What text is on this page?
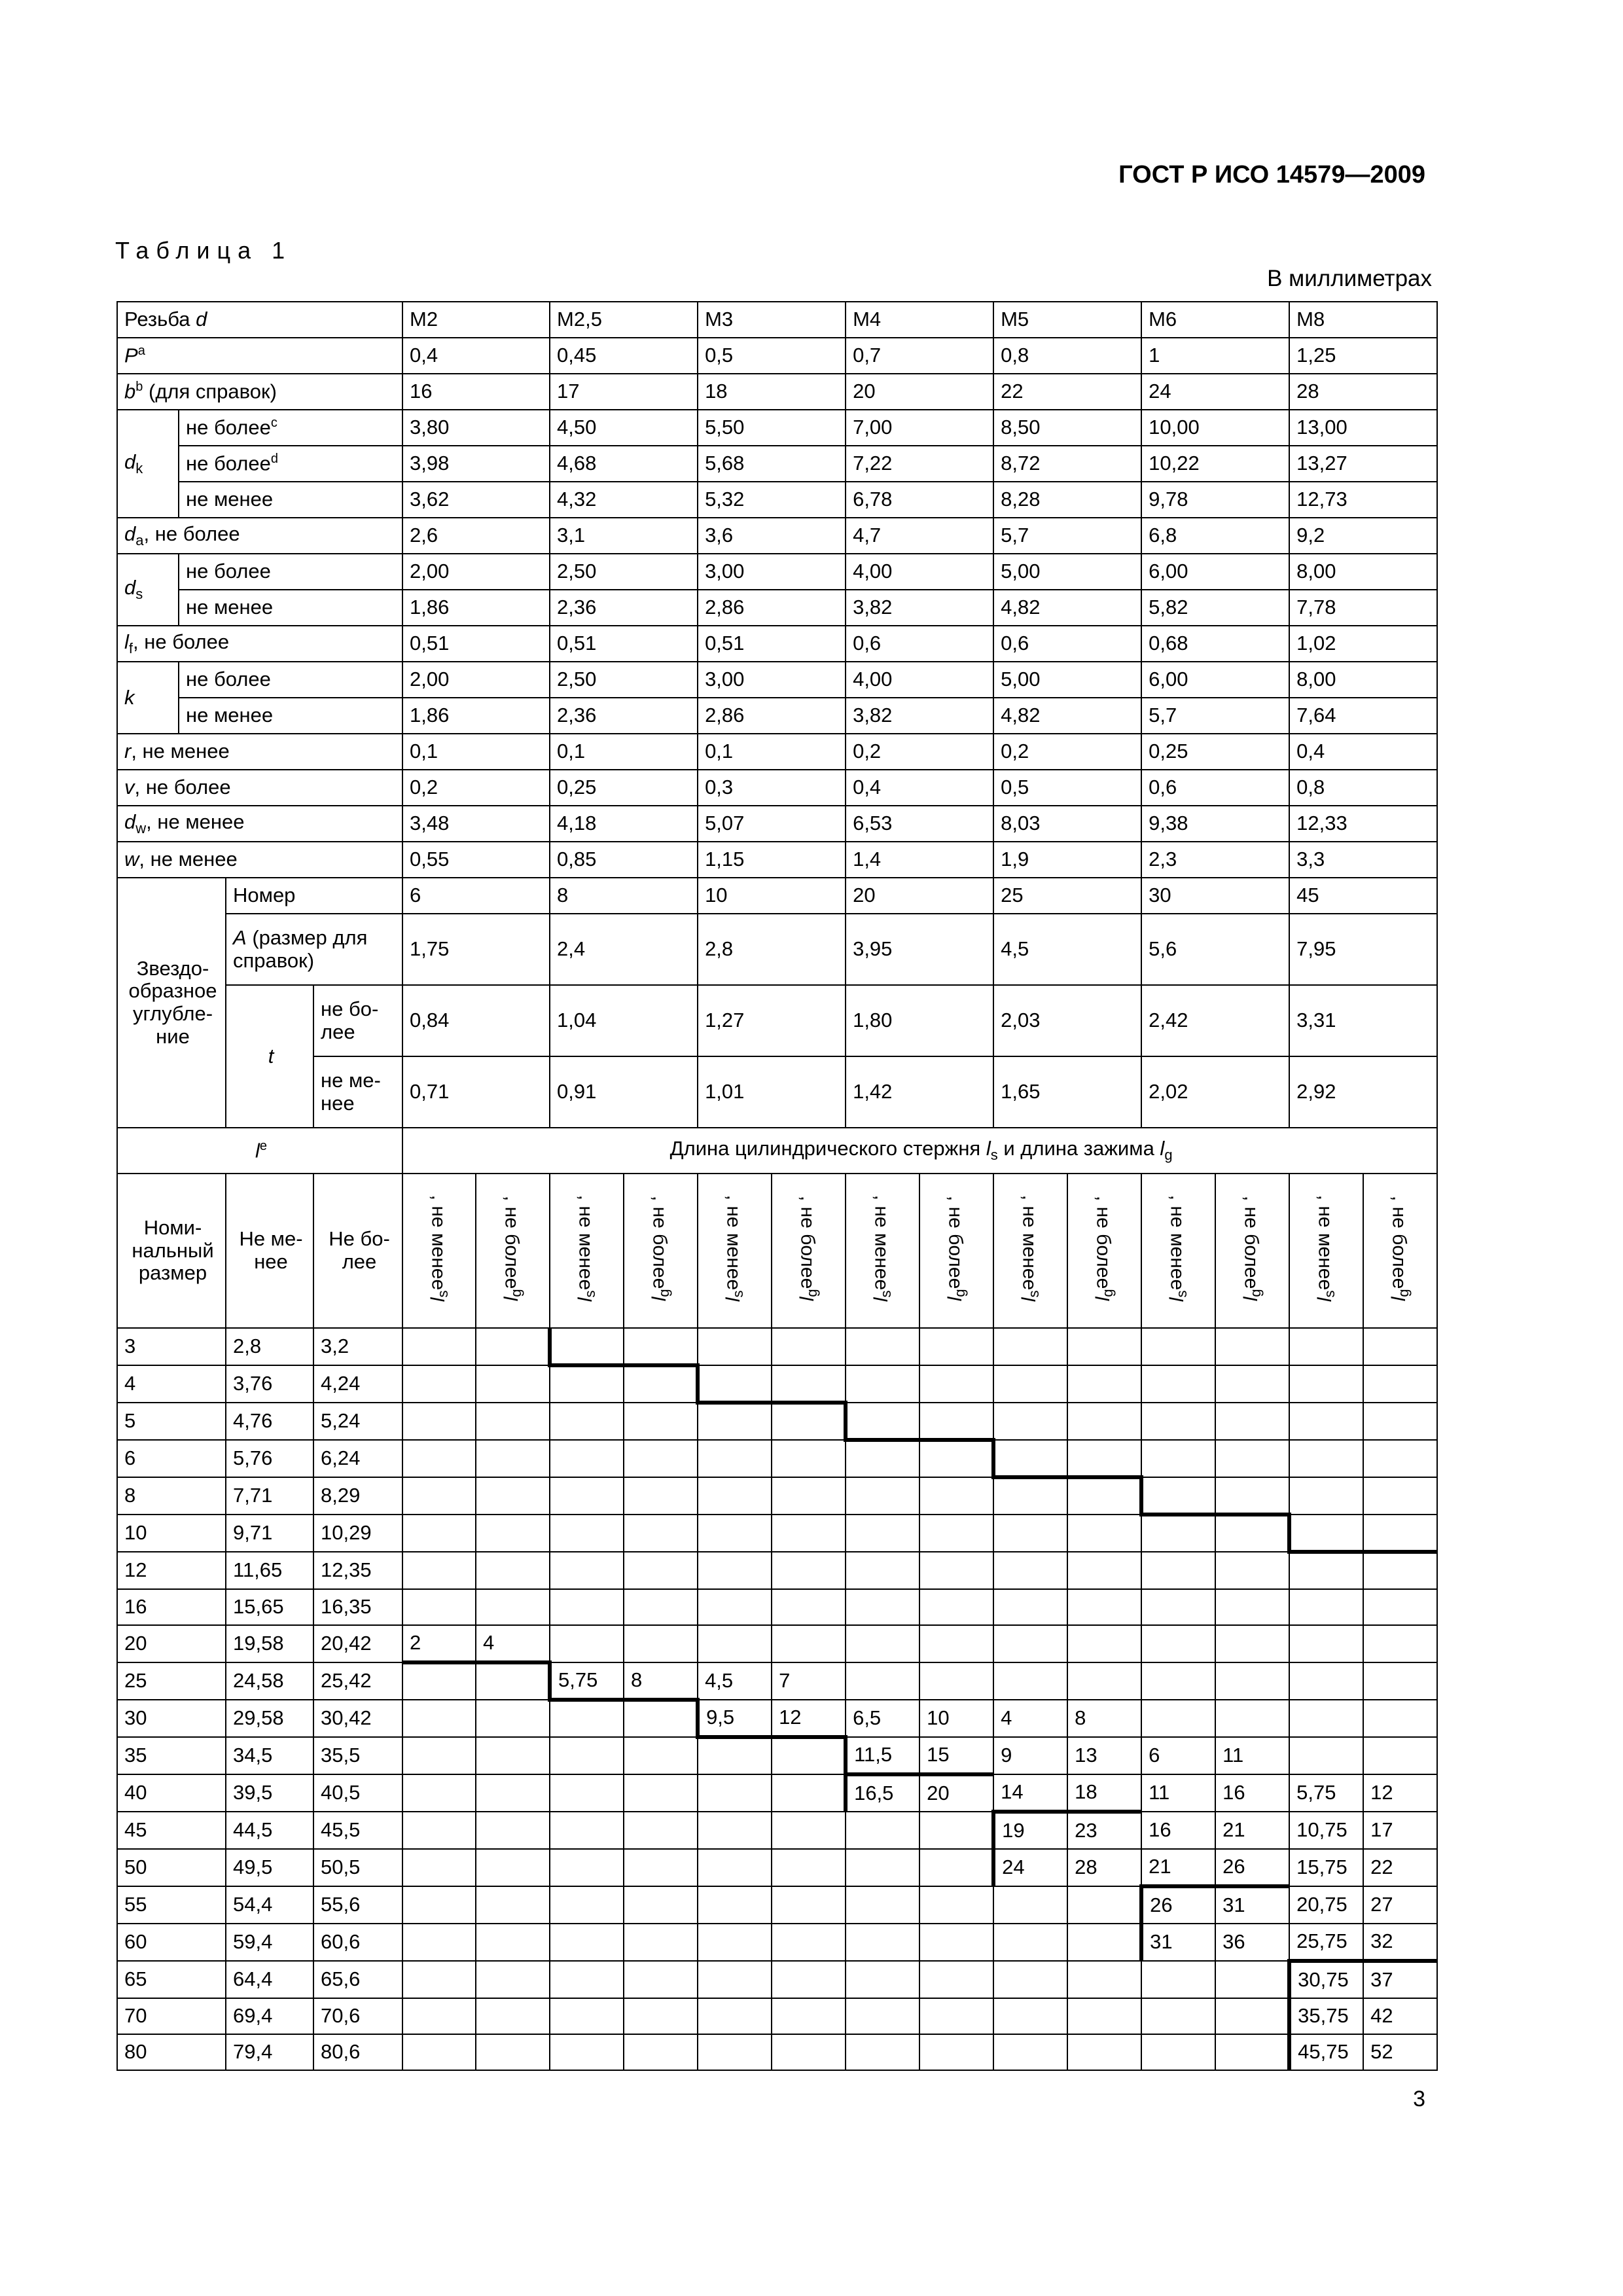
ГОСТ Р ИСО 14579—2009
Таблица 1
В миллиметрах
Резьба d				M2		M2,5		M3		M4		M5		M6		M8	
$P^a$				0,4		0,45		0,5		0,7		0,8		1		1,25	
$b^b$ (для справок)				16		17		18		20		22		24		28	
$d_k$	не более$^c$			3,80		4,50		5,50		7,00		8,50		10,00		13,00	
	не более$^d$			3,98		4,68		5,68		7,22		8,72		10,22		13,27	
	не менее			3,62		4,32		5,32		6,78		8,28		9,78		12,73	
$d_a$, не более				2,6		3,1		3,6		4,7		5,7		6,8		9,2	
$d_s$	не более			2,00		2,50		3,00		4,00		5,00		6,00		8,00	
	не менее			1,86		2,36		2,86		3,82		4,82		5,82		7,78	
$l_f$, не более				0,51		0,51		0,51		0,6		0,6		0,68		1,02	
k	не более			2,00		2,50		3,00		4,00		5,00		6,00		8,00	
	не менее			1,86		2,36		2,86		3,82		4,82		5,7		7,64	
r, не менее				0,1		0,1		0,1		0,2		0,2		0,25		0,4	
v, не более				0,2		0,25		0,3		0,4		0,5		0,6		0,8	
$d_w$, не менее				3,48		4,18		5,07		6,53		8,03		9,38		12,33	
w, не менее				0,55		0,85		1,15		1,4		1,9		2,3		3,3	
Звездо-образное углубле-ние		Номер		6		8		10		20		25		30		45	
		A (размер для справок)		1,75		2,4		2,8		3,95		4,5		5,6		7,95	
		t	не бо-лее	0,84		1,04		1,27		1,80		2,03		2,42		3,31	
			не ме-нее	0,71		0,91		1,01		1,42		1,65		2,02		2,92	
$l^e$				Длина цилиндрического стержня $l_s$ и длина зажима $l_g$
Номи-нальный размер		Не ме-нее	Не бо-лее	$l_s$, не менее	$l_g$, не более	$l_s$, не менее	$l_g$, не более	$l_s$, не менее	$l_g$, не более	$l_s$, не менее	$l_g$, не более	$l_s$, не менее	$l_g$, не более	$l_s$, не менее	$l_g$, не более	$l_s$, не менее	$l_g$, не более
3		2,8	3,2														
4		3,76	4,24														
5		4,76	5,24														
6		5,76	6,24														
8		7,71	8,29														
10		9,71	10,29														
12		11,65	12,35														
16		15,65	16,35														
20		19,58	20,42	2	4												
25		24,58	25,42			5,75	8	4,5	7								
30		29,58	30,42					9,5	12	6,5	10	4	8				
35		34,5	35,5							11,5	15	9	13	6	11		
40		39,5	40,5							16,5	20	14	18	11	16	5,75	12
45		44,5	45,5									19	23	16	21	10,75	17
50		49,5	50,5									24	28	21	26	15,75	22
55		54,4	55,6											26	31	20,75	27
60		59,4	60,6											31	36	25,75	32
65		64,4	65,6													30,75	37
70		69,4	70,6													35,75	42
80		79,4	80,6													45,75	52
3
